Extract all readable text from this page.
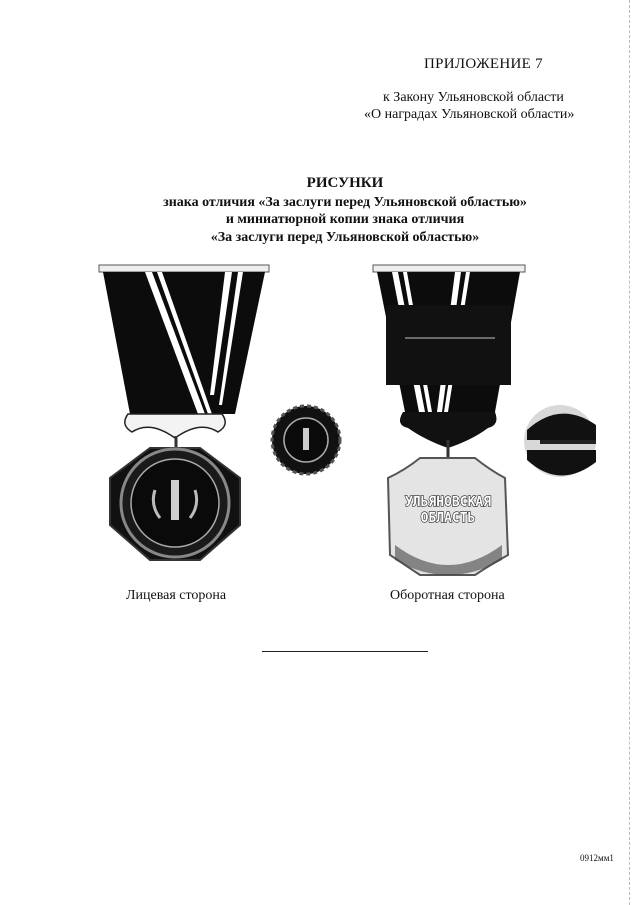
ПРИЛОЖЕНИЕ 7
к Закону Ульяновской области
«О наградах Ульяновской области»
РИСУНКИ
знака отличия «За заслуги перед Ульяновской областью»
и миниатюрной копии знака отличия
«За заслуги перед Ульяновской областью»
УЛЬЯНОВСКАЯ
ОБЛАСТЬ
Лицевая сторона	Оборотная сторона
0912мм1
